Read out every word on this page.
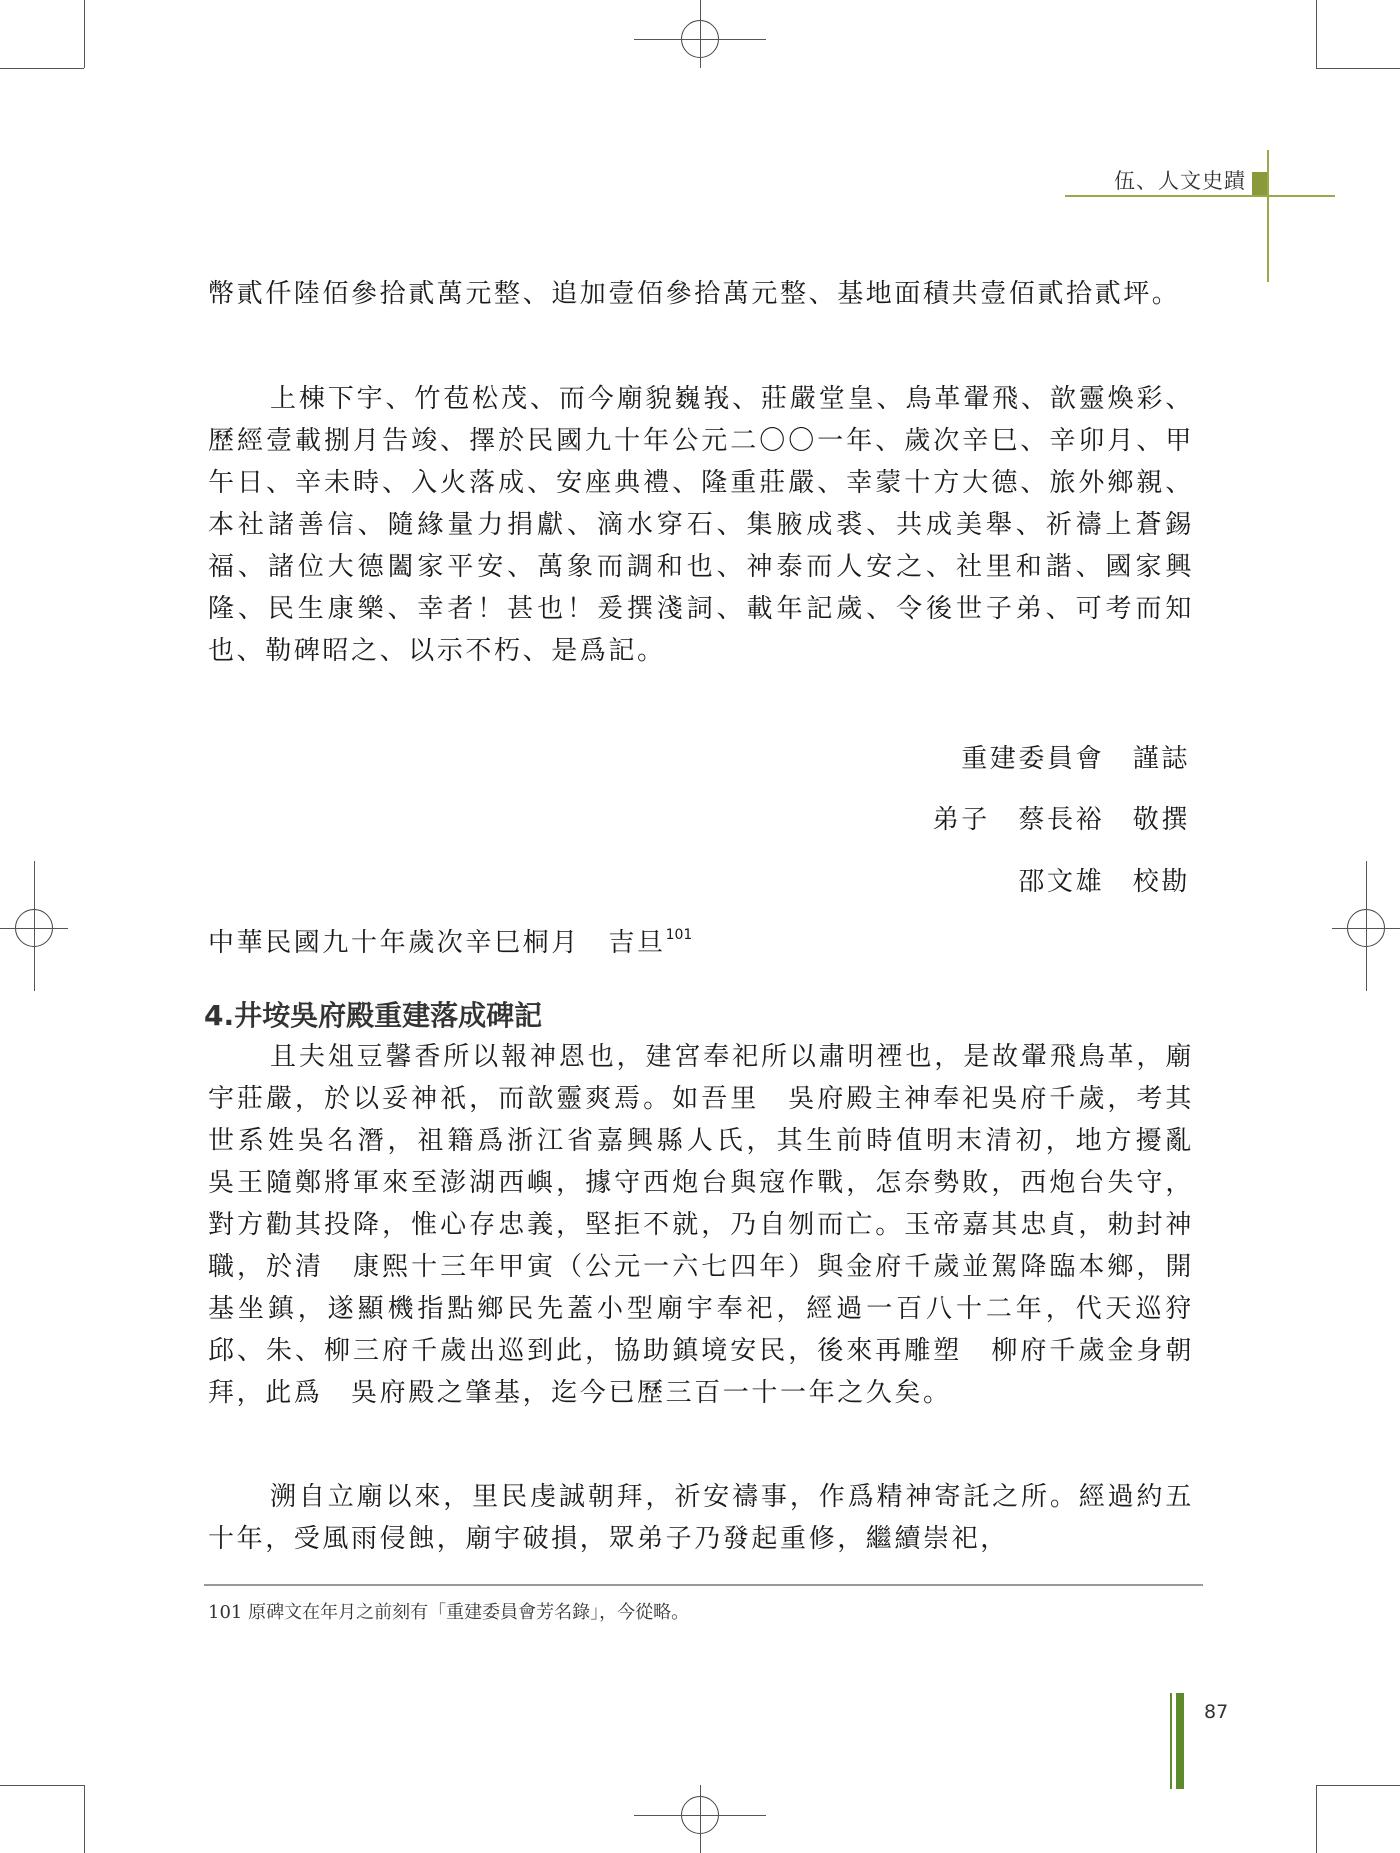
伍、人文史蹟

幣貳仟陸佰參拾貳萬元整、追加壹佰參拾萬元整、基地面積共壹佰貳拾貳坪。

上棟下宇、竹苞松茂、而今廟貌巍峩、莊嚴堂皇、鳥革翬飛、歆靈煥彩、歷經壹載捌月告竣、擇於民國九十年公元二〇〇一年、歲次辛巳、辛卯月、甲午日、辛未時、入火落成、安座典禮、隆重莊嚴、幸蒙十方大德、旅外鄉親、本社諸善信、隨緣量力捐獻、滴水穿石、集腋成裘、共成美舉、祈禱上蒼錫福、諸位大德闔家平安、萬象而調和也、神泰而人安之、社里和諧、國家興隆、民生康樂、幸者！甚也！爰撰淺詞、載年記歲、令後世子弟、可考而知也、勒碑昭之、以示不朽、是爲記。

重建委員會　謹誌
弟子　蔡長裕　敬撰
邵文雄　校勘
中華民國九十年歲次辛巳桐月　吉旦$^{101}$
4.井垵吳府殿重建落成碑記

且夫俎豆馨香所以報神恩也，建宮奉祀所以肅明禋也，是故翬飛鳥革，廟宇莊嚴，於以妥神祇，而歆靈爽焉。如吾里　吳府殿主神奉祀吳府千歲，考其世系姓吳名潛，祖籍爲浙江省嘉興縣人氏，其生前時值明末清初，地方擾亂　吳王隨鄭將軍來至澎湖西嶼，據守西炮台與寇作戰，怎奈勢敗，西炮台失守，對方勸其投降，惟心存忠義，堅拒不就，乃自刎而亡。玉帝嘉其忠貞，勅封神職，於清　康熙十三年甲寅（公元一六七四年）與金府千歲並駕降臨本鄉，開基坐鎮，遂顯機指點鄉民先蓋小型廟宇奉祀，經過一百八十二年，代天巡狩邱、朱、柳三府千歲出巡到此，協助鎮境安民，後來再雕塑　柳府千歲金身朝拜，此爲　吳府殿之肇基，迄今已歷三百一十一年之久矣。

溯自立廟以來，里民虔誠朝拜，祈安禱事，作爲精神寄託之所。經過約五十年，受風雨侵蝕，廟宇破損，眾弟子乃發起重修，繼續崇祀，

101 原碑文在年月之前刻有「重建委員會芳名錄」，今從略。
87
